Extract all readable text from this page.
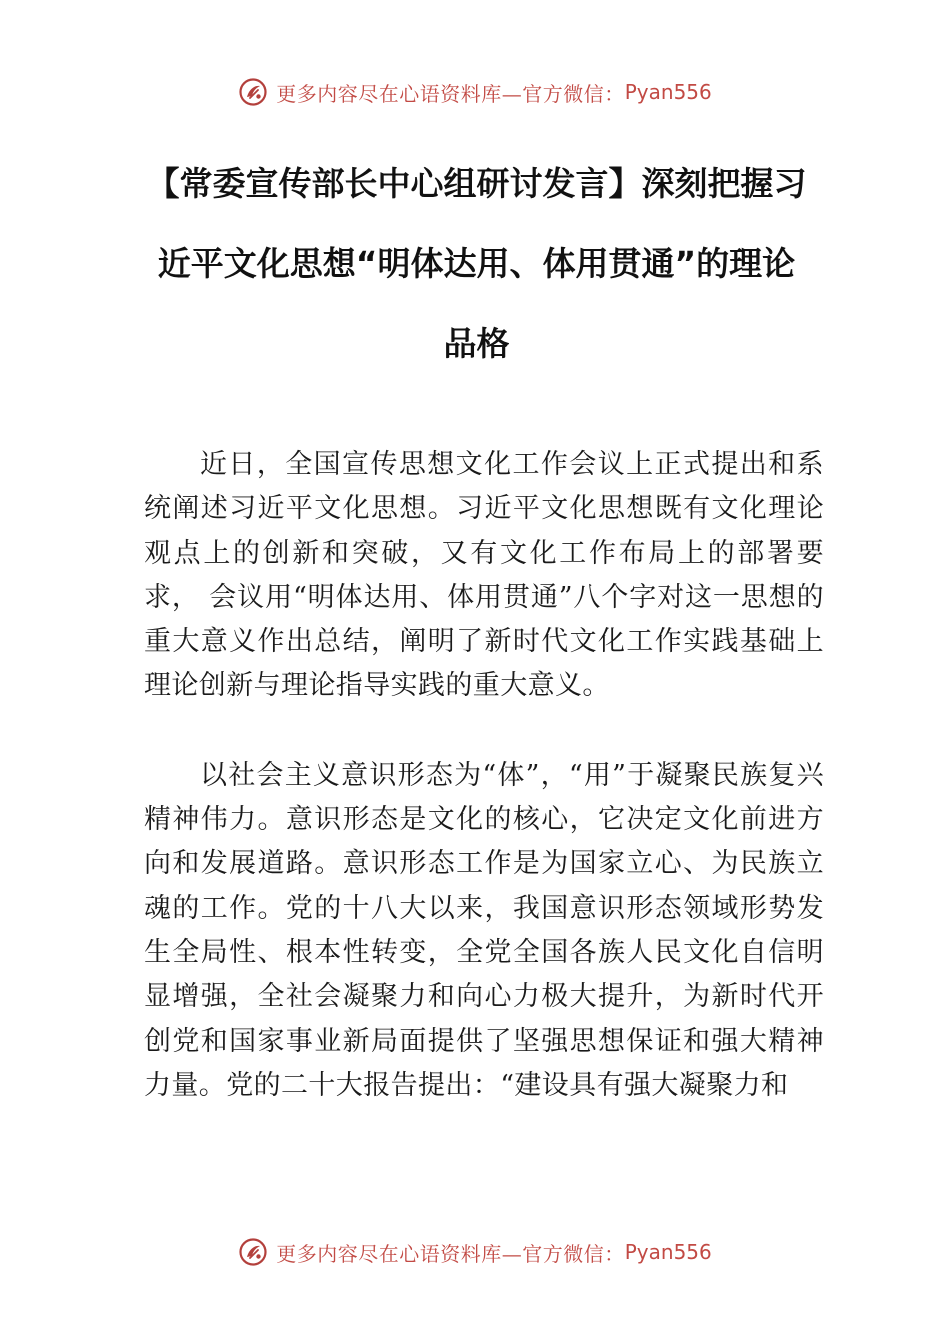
更多内容尽在心语资料库—官方微信： Pyan556
【常委宣传部长中心组研讨发言】深刻把握习近平文化思想“明体达用、体用贯通”的理论品格

近日，全国宣传思想文化工作会议上正式提出和系统阐述习近平文化思想。习近平文化思想既有文化理论观点上的创新和突破，又有文化工作布局上的部署要求， 会议用“明体达用、体用贯通”八个字对这一思想的重大意义作出总结，阐明了新时代文化工作实践基础上理论创新与理论指导实践的重大意义。

以社会主义意识形态为“体”，“用”于凝聚民族复兴精神伟力。意识形态是文化的核心，它决定文化前进方向和发展道路。意识形态工作是为国家立心、为民族立魂的工作。党的十八大以来，我国意识形态领域形势发生全局性、根本性转变，全党全国各族人民文化自信明显增强，全社会凝聚力和向心力极大提升，为新时代开创党和国家事业新局面提供了坚强思想保证和强大精神力量。党的二十大报告提出：“建设具有强大凝聚力和

更多内容尽在心语资料库—官方微信： Pyan556
